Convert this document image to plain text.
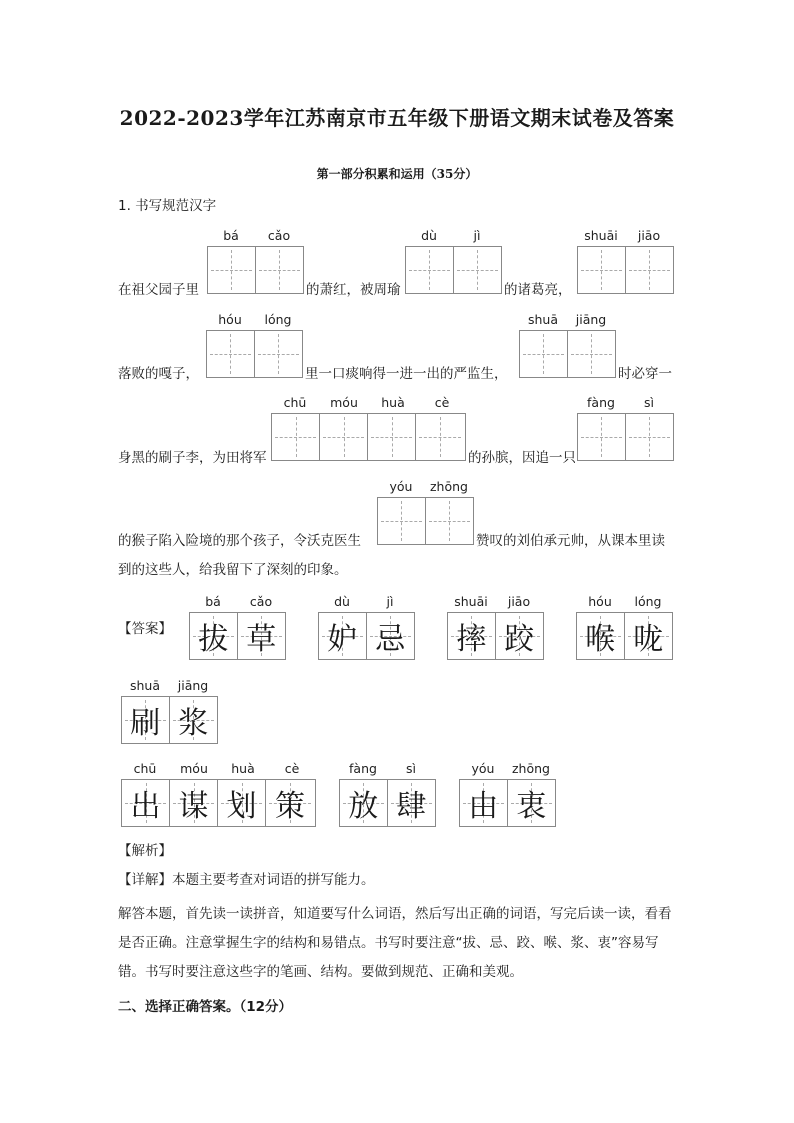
2022-2023学年江苏南京市五年级下册语文期末试卷及答案
第一部分积累和运用（35分）
1. 书写规范汉字
bá	cǎo	dù	jì	shuāi	jiāo
在祖父园子里	的萧红，被周瑜	的诸葛亮，
hóu	lóng	shuā	jiāng
落败的嘎子，	里一口痰响得一进一出的严监生，	时必穿一
chū	móu	huà	cè	fàng	sì
身黑的刷子李，为田将军	的孙膑，因追一只
yóu	zhōng
的猴子陷入险境的那个孩子，令沃克医生	赞叹的刘伯承元帅，从课本里读
到的这些人，给我留下了深刻的印象。
【答案】
bá	cǎo
拔 草
dù	jì
妒 忌
shuāi	jiāo
摔 跤
hóu	lóng
喉 咙
shuā	jiāng
刷 浆
chū	móu	huà	cè
出 谋 划 策
fàng	sì
放 肆
yóu	zhōng
由 衷
【解析】
【详解】本题主要考查对词语的拼写能力。
解答本题，首先读一读拼音，知道要写什么词语，然后写出正确的词语，写完后读一读，看看是否正确。注意掌握生字的结构和易错点。书写时要注意“拔、忌、跤、喉、浆、衷”容易写错。书写时要注意这些字的笔画、结构。要做到规范、正确和美观。
二、选择正确答案。（12分）
